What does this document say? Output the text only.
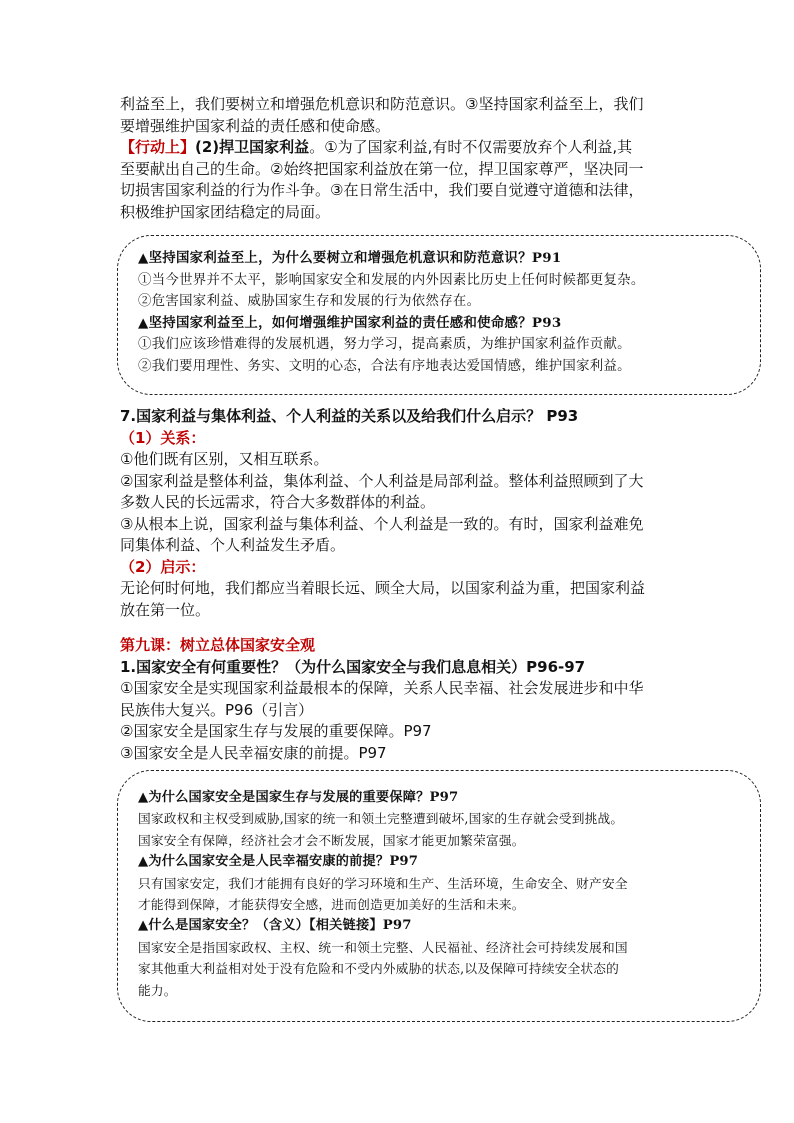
利益至上，我们要树立和增强危机意识和防范意识。③坚持国家利益至上，我们

要增强维护国家利益的责任感和使命感。

【行动上】(2)捍卫国家利益。①为了国家利益,有时不仅需要放弃个人利益,其

至要献出自己的生命。②始终把国家利益放在第一位，捍卫国家尊严，坚决同一

切损害国家利益的行为作斗争。③在日常生活中，我们要自觉遵守道德和法律，

积极维护国家团结稳定的局面。

▲坚持国家利益至上，为什么要树立和增强危机意识和防范意识？P91

①当今世界并不太平，影响国家安全和发展的内外因素比历史上任何时候都更复杂。

②危害国家利益、威胁国家生存和发展的行为依然存在。

▲坚持国家利益至上，如何增强维护国家利益的责任感和使命感？P93

①我们应该珍惜难得的发展机遇，努力学习，提高素质，为维护国家利益作贡献。

②我们要用理性、务实、文明的心态，合法有序地表达爱国情感，维护国家利益。

7.国家利益与集体利益、个人利益的关系以及给我们什么启示？ P93

（1）关系：

①他们既有区别，又相互联系。

②国家利益是整体利益，集体利益、个人利益是局部利益。整体利益照顾到了大

多数人民的长远需求，符合大多数群体的利益。

③从根本上说，国家利益与集体利益、个人利益是一致的。有时，国家利益难免

同集体利益、个人利益发生矛盾。

（2）启示：

无论何时何地，我们都应当着眼长远、顾全大局，以国家利益为重，把国家利益

放在第一位。

第九课：树立总体国家安全观

1.国家安全有何重要性？（为什么国家安全与我们息息相关）P96-97

①国家安全是实现国家利益最根本的保障，关系人民幸福、社会发展进步和中华

民族伟大复兴。P96（引言）

②国家安全是国家生存与发展的重要保障。P97

③国家安全是人民幸福安康的前提。P97

▲为什么国家安全是国家生存与发展的重要保障？P97

国家政权和主权受到威胁,国家的统一和领土完整遭到破坏,国家的生存就会受到挑战。

国家安全有保障，经济社会才会不断发展，国家才能更加繁荣富强。

▲为什么国家安全是人民幸福安康的前提？P97

只有国家安定，我们才能拥有良好的学习环境和生产、生活环境，生命安全、财产安全

才能得到保障，才能获得安全感，进而创造更加美好的生活和未来。

▲什么是国家安全？（含义）【相关链接】P97

国家安全是指国家政权、主权、统一和领土完整、人民福祉、经济社会可持续发展和国

家其他重大利益相对处于没有危险和不受内外威胁的状态,以及保障可持续安全状态的

能力。
